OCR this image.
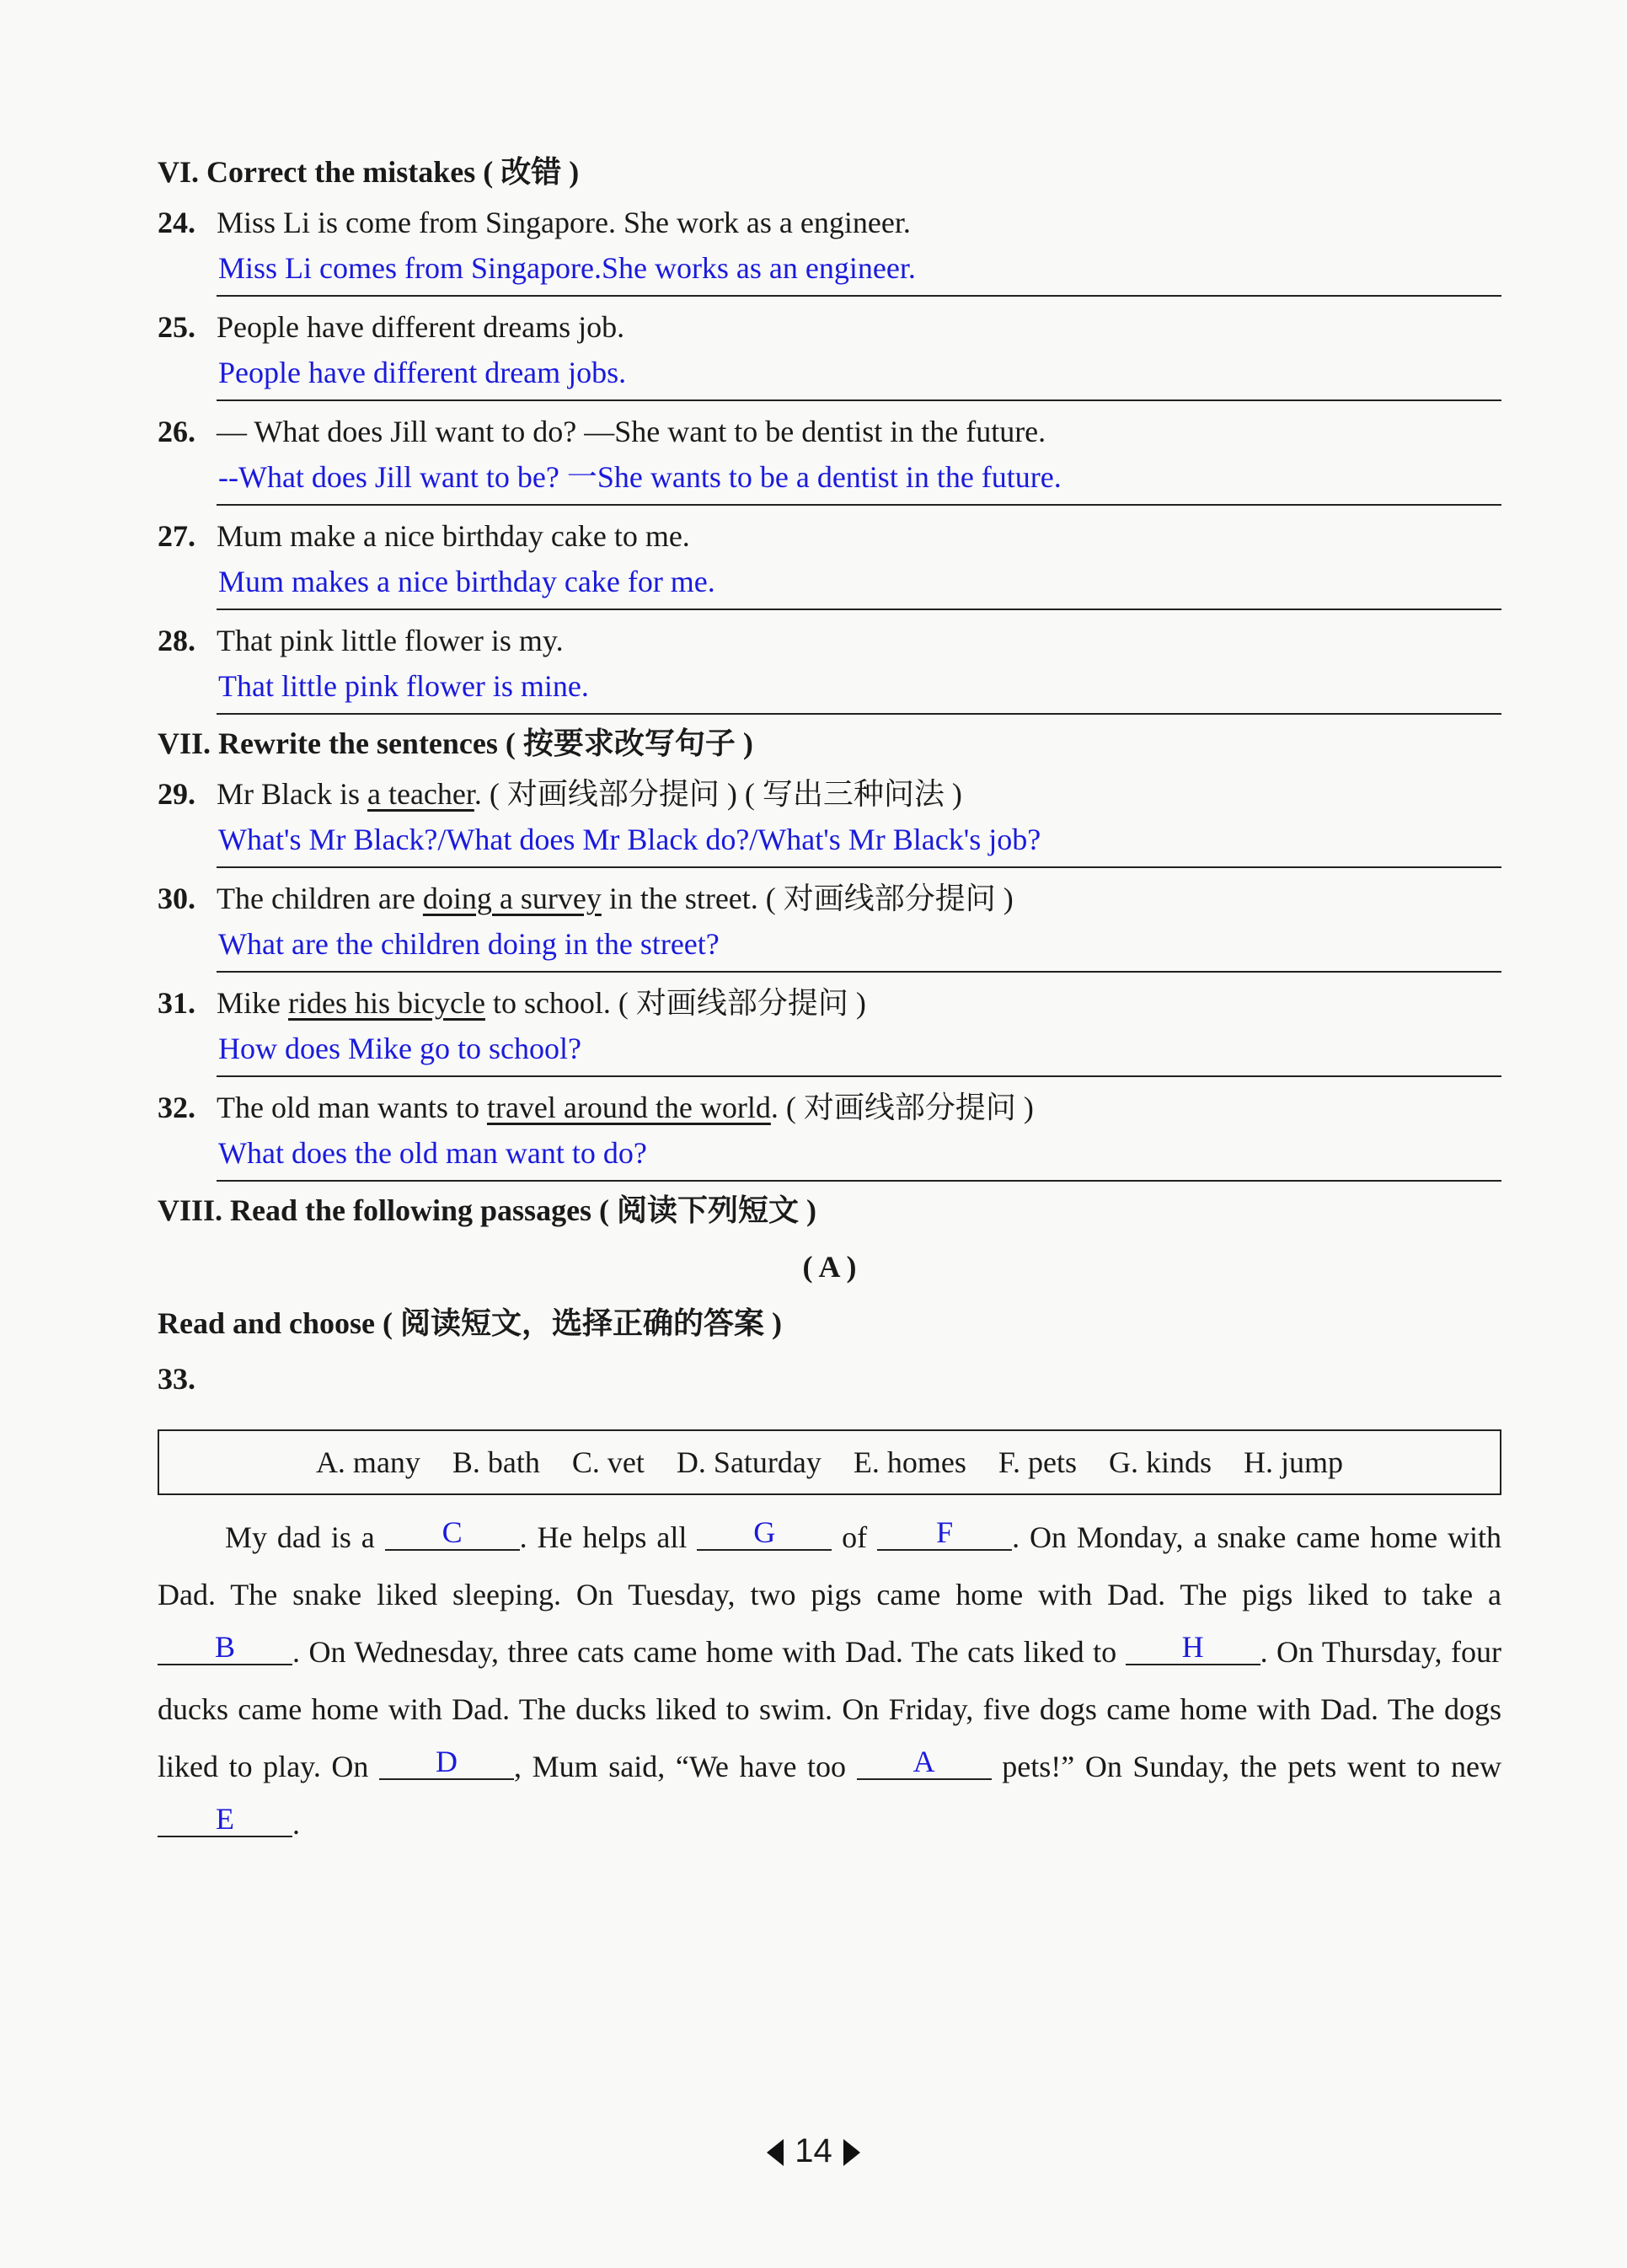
VI. Correct the mistakes ( 改错 )

24. Miss Li is come from Singapore. She work as a engineer.
Miss Li comes from Singapore.She works as an engineer.
25. People have different dreams job.
People have different dream jobs.
26. — What does Jill want to do? —She want to be dentist in the future.
--What does Jill want to be? 一She wants to be a dentist in the future.
27. Mum make a nice birthday cake to me.
Mum makes a nice birthday cake for me.
28. That pink little flower is my.
That little pink flower is mine.

VII. Rewrite the sentences ( 按要求改写句子 )

29. Mr Black is a teacher. ( 对画线部分提问 ) ( 写出三种问法 )
What's Mr Black?/What does Mr Black do?/What's Mr Black's job?
30. The children are doing a survey in the street. ( 对画线部分提问 )
What are the children doing in the street?
31. Mike rides his bicycle to school. ( 对画线部分提问 )
How does Mike go to school?
32. The old man wants to travel around the world. ( 对画线部分提问 )
What does the old man want to do?

VIII. Read the following passages ( 阅读下列短文 )

( A )

Read and choose ( 阅读短文，选择正确的答案 )

33.

A. many B. bath C. vet D. Saturday E. homes F. pets G. kinds H. jump
My dad is a C . He helps all G of F . On Monday, a snake came home with Dad. The snake liked sleeping. On Tuesday, two pigs came home with Dad. The pigs liked to take a B . On Wednesday, three cats came home with Dad. The cats liked to H . On Thursday, four ducks came home with Dad. The ducks liked to swim. On Friday, five dogs came home with Dad. The dogs liked to play. On D , Mum said, “We have too A pets!” On Sunday, the pets went to new E .
14
